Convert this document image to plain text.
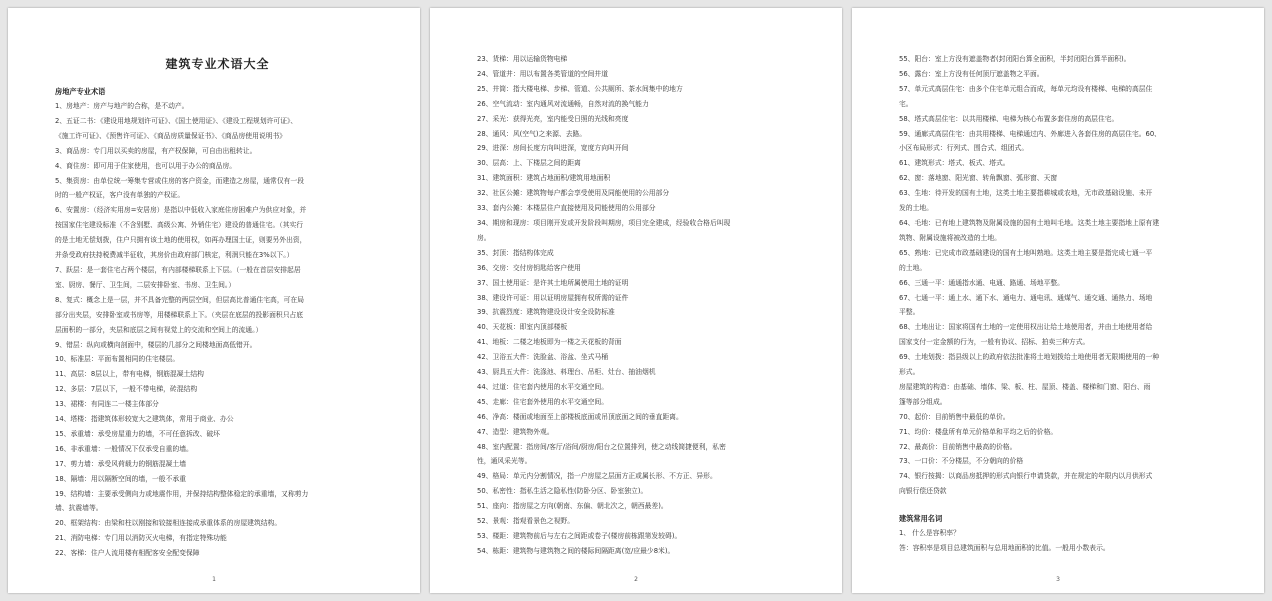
建筑专业术语大全
房地产专业术语
1、房地产：房产与地产的合称，是不动产。
2、五证二书：《建设用地规划许可证》、《国土使用证》、《建设工程规划许可证》、
《施工许可证》、《预售许可证》、《商品房质量保证书》、《商品房使用说明书》
3、商品房：专门用以买卖的房屋，有产权保障，可自由出租转让。
4、商住房：即可用于住家使用，也可以用于办公的商品房。
5、集资房：由单位统一筹集专营或住房的客户资金，而建造之房屋，通常仅有一段
时的一般产权证，客户没有单独的产权证。
6、安置房：（经济实用房=安居房）是指以中低收入家庭住房困难户为供应对象，并
按国家住宅建设标准（不含别墅、高级公寓、外销住宅）建设的普通住宅。（其实行
的是土地无偿划拨，住户只拥有该土地的使用权，如再办理国土证，则要另外出资，
并条受政府扶持税费减半征收，其房价由政府部门核定，利润只能在3%以下。）
7、跃层：是一套住宅占两个楼层，有内部楼梯联系上下层。（一般在首层安排起居
室、厨房、餐厅、卫生间，二层安排卧室、书房、卫生间。）
8、复式：概念上是一层，并不具备完整的两层空间，但层高比普通住宅高，可在局
部分出夹层，安排卧室或书房等，用楼梯联系上下。（夹层在底层的投影面积只占底
层面积的一部分，夹层和底层之间有视觉上的交流和空间上的流通。）
9、错层：纵向或横向剖面中，楼层的几部分之间楼地面高低错开。
10、标准层：平面布置相同的住宅楼层。
11、高层：8层以上，带有电梯，钢筋混凝土结构
12、多层：7层以下，一般不带电梯，砖混结构
13、裙楼：有同连二一楼主体部分
14、塔楼：指建筑体形较宽大之建筑体，常用于商业、办公
15、承重墙：承受房屋重力的墙，不可任意拆改、破坏
16、非承重墙：一般情况下仅承受自重的墙。
17、剪力墙：承受风荷载力的钢筋混凝土墙
18、隔墙：用以隔断空间的墙，一般不承重
19、结构墙：主要承受侧向力或地震作用，并保持结构整体稳定的承重墙，又称剪力
墙、抗震墙等。
20、框架结构：由梁和柱以刚接和铰接相连接成承重体系的房屋建筑结构。
21、消防电梯：专门用以消防灭火电梯，有指定特殊功能
22、客梯：住户人流用楼有相配客安全配变保障
1
23、货梯：用以运输货物电梯
24、管道井：用以布置各类管道的空间井道
25、井筒：指大楼电梯、步梯、管道、公共厕所、茶水间集中的地方
26、空气流动：室内通风对流通畅，自然对流的换气能力
27、采光：获得光亮，室内能受日照的光线和亮度
28、通风：风(空气)之来源、去路。
29、进深：房间长度方向叫进深，宽度方向叫开间
30、层高：上、下楼层之间的距离
31、建筑面积：建筑占地面积/建筑用地面积
32、社区公摊：建筑物每户都会享受使用及同能使用的公用部分
33、套内公摊：本楼层住户直接使用及同能使用的公用部分
34、期房和现房：项目刚开发或开发阶段叫期房，项目完全建成，经验收合格后叫现
房。
35、封顶：指结构体完成
36、交房：交付房钥匙给客户使用
37、国土使用证：是许其土地所属使用土地的证明
38、建设许可证：用以证明房屋拥有权所需的证件
39、抗震烈度：建筑物建设设计安全设防标准
40、天花板：即室内顶部楼板
41、地板：二楼之地板即为一楼之天花板的背面
42、卫浴五大件：洗脸盆、浴盆、坐式马桶
43、厨具五大件：洗涤池、料理台、吊柜、灶台、抽油烟机
44、过道：住宅套内使用的水平交通空间。
45、走廊：住宅套外使用的水平交通空间。
46、净高：楼面或地面至上部楼板底面或吊顶底面之间的垂直距离。
47、造型：建筑物外观。
48、室内配置：指房间/客厅/浴间/厨房/阳台之位置排列，使之动线简捷便利，私密
性，通风采光等。
49、格局：单元内分割情况，指一户房屋之层面方正或属长形、不方正、异形。
50、私密性：指私生活之隐私性(防卧分区、卧室独立)。
51、座向：指房屋之方向(朝南、东偏、朝北次之，朝西最差)。
52、景观：指观看景色之视野。
53、楼距：建筑物前后与左右之间距或卷子(楼房前栋跟第发较碍)。
54、栋距：建筑物与建筑物之间的楼际间隔距离(宽/应最少8米)。
2
55、阳台：室上方没有遮盖物者(封闭阳台算全面积，半封闭阳台算半面积)。
56、露台：室上方没有任何顶厅遮盖物之平面。
57、单元式高层住宅：由多个住宅单元组合而成，每单元均设有楼梯、电梯的高层住
宅。
58、塔式高层住宅：以共用楼梯、电梯为核心布置多套住房的高层住宅。
59、通廊式高层住宅：由共用楼梯、电梯通过内、外廊进入各套住房的高层住宅。60、
小区布局形式：行列式、围合式、组团式。
61、建筑形式：塔式、板式、塔式。
62、窗：落地窗、阳光窗、转角飘窗、弧形窗、天窗
63、生地：待开发的国有土地，这类土地主要指耕城或农地，无市政基础设施、未开
发的土地。
64、毛地：已有地上建筑物及附属设施的国有土地叫毛地。这类土地主要指地上原有建
筑物、附属设施将被改造的土地。
65、熟地：已完成市政基础建设的国有土地叫熟地。这类土地主要是指完成七通一平
的土地。
66、三通一平：通通指水通、电通、路通、场地平整。
67、七通一平：通上水、通下水、通电力、通电讯、通煤气、通交通、通热力、场地
平整。
68、土地出让：国家将国有土地的一定使用权出让给土地使用者，并由土地使用者给
国家支付一定金额的行为，一般有协议、招标、拍卖三种方式。
69、土地划拨：指县级以上的政府依法批准将土地划拨给土地使用者无限期使用的一种
形式。
房屋建筑的构造：由基础、墙体、梁、板、柱、屋顶、楼盖、楼梯和门窗、阳台、雨
篷等部分组成。
70、起价：目前销售中最低的单价。
71、均价：楼盘所有单元价格单和平均之后的价格。
72、最高价：目前销售中最高的价格。
73、一口价：不分楼层，不分朝向的价格
74、银行按揭：以商品房抵押的形式向银行申请贷款，并在规定的年限内以月供形式
向银行偿还贷款
建筑常用名词
1、 什么是容积率？
答：容积率是项目总建筑面积与总用地面积的比值。一般用小数表示。
3
